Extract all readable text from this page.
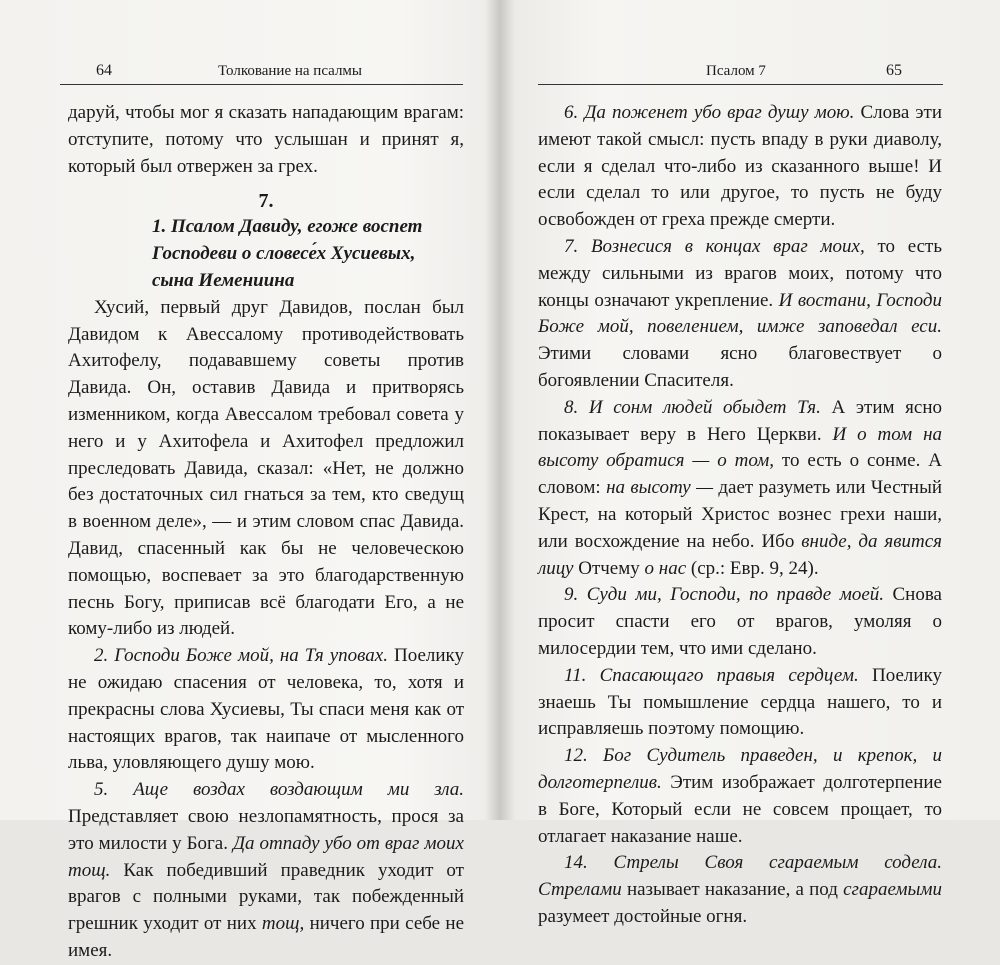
64	Толкование на псалмы

даруй, чтобы мог я сказать нападающим врагам: отступите, потому что услышан и принят я, который был отвержен за грех.

7.
1. Псалом Давиду, егоже воспет
Господеви о словесе́х Хусиевых,
сына Иемениина

Хусий, первый друг Давидов, послан был Давидом к Авессалому противодействовать Ахитофелу, подававшему советы против Давида. Он, оставив Давида и притворясь изменником, когда Авессалом требовал совета у него и у Ахитофела и Ахитофел предложил преследовать Давида, сказал: «Нет, не должно без достаточных сил гнаться за тем, кто сведущ в военном деле», — и этим словом спас Давида. Давид, спасенный как бы не человеческою помощью, воспевает за это благодарственную песнь Богу, приписав всё благодати Его, а не кому-либо из людей.

2. Господи Боже мой, на Тя уповах. Поелику не ожидаю спасения от человека, то, хотя и прекрасны слова Хусиевы, Ты спаси меня как от настоящих врагов, так наипаче от мысленного льва, уловляющего душу мою.

5. Аще воздах воздающим ми зла. Представляет свою незлопамятность, прося за это милости у Бога. Да отпаду убо от враг моих тощ. Как победивший праведник уходит от врагов с полными руками, так побежденный грешник уходит от них тощ, ничего при себе не имея.

Псалом 7	65

6. Да поженет убо враг душу мою. Слова эти имеют такой смысл: пусть впаду в руки диаволу, если я сделал что-либо из сказанного выше! И если сделал то или другое, то пусть не буду освобожден от греха прежде смерти.

7. Вознесися в концах враг моих, то есть между сильными из врагов моих, потому что концы означают укрепление. И востани, Господи Боже мой, повелением, имже заповедал еси. Этими словами ясно благовествует о богоявлении Спасителя.

8. И сонм людей обыдет Тя. А этим ясно показывает веру в Него Церкви. И о том на высоту обратися — о том, то есть о сонме. А словом: на высоту — дает разуметь или Честный Крест, на который Христос вознес грехи наши, или восхождение на небо. Ибо вниде, да явится лицу Отчему о нас (ср.: Евр. 9, 24).

9. Суди ми, Господи, по правде моей. Снова просит спасти его от врагов, умоляя о милосердии тем, что ими сделано.

11. Спасающаго правыя сердцем. Поелику знаешь Ты помышление сердца нашего, то и исправляешь поэтому помощию.

12. Бог Судитель праведен, и крепок, и долготерпелив. Этим изображает долготерпение в Боге, Который если не совсем прощает, то отлагает наказание наше.

14. Стрелы Своя сгараемым содела. Стрелами называет наказание, а под сгараемыми разумеет достойные огня.
